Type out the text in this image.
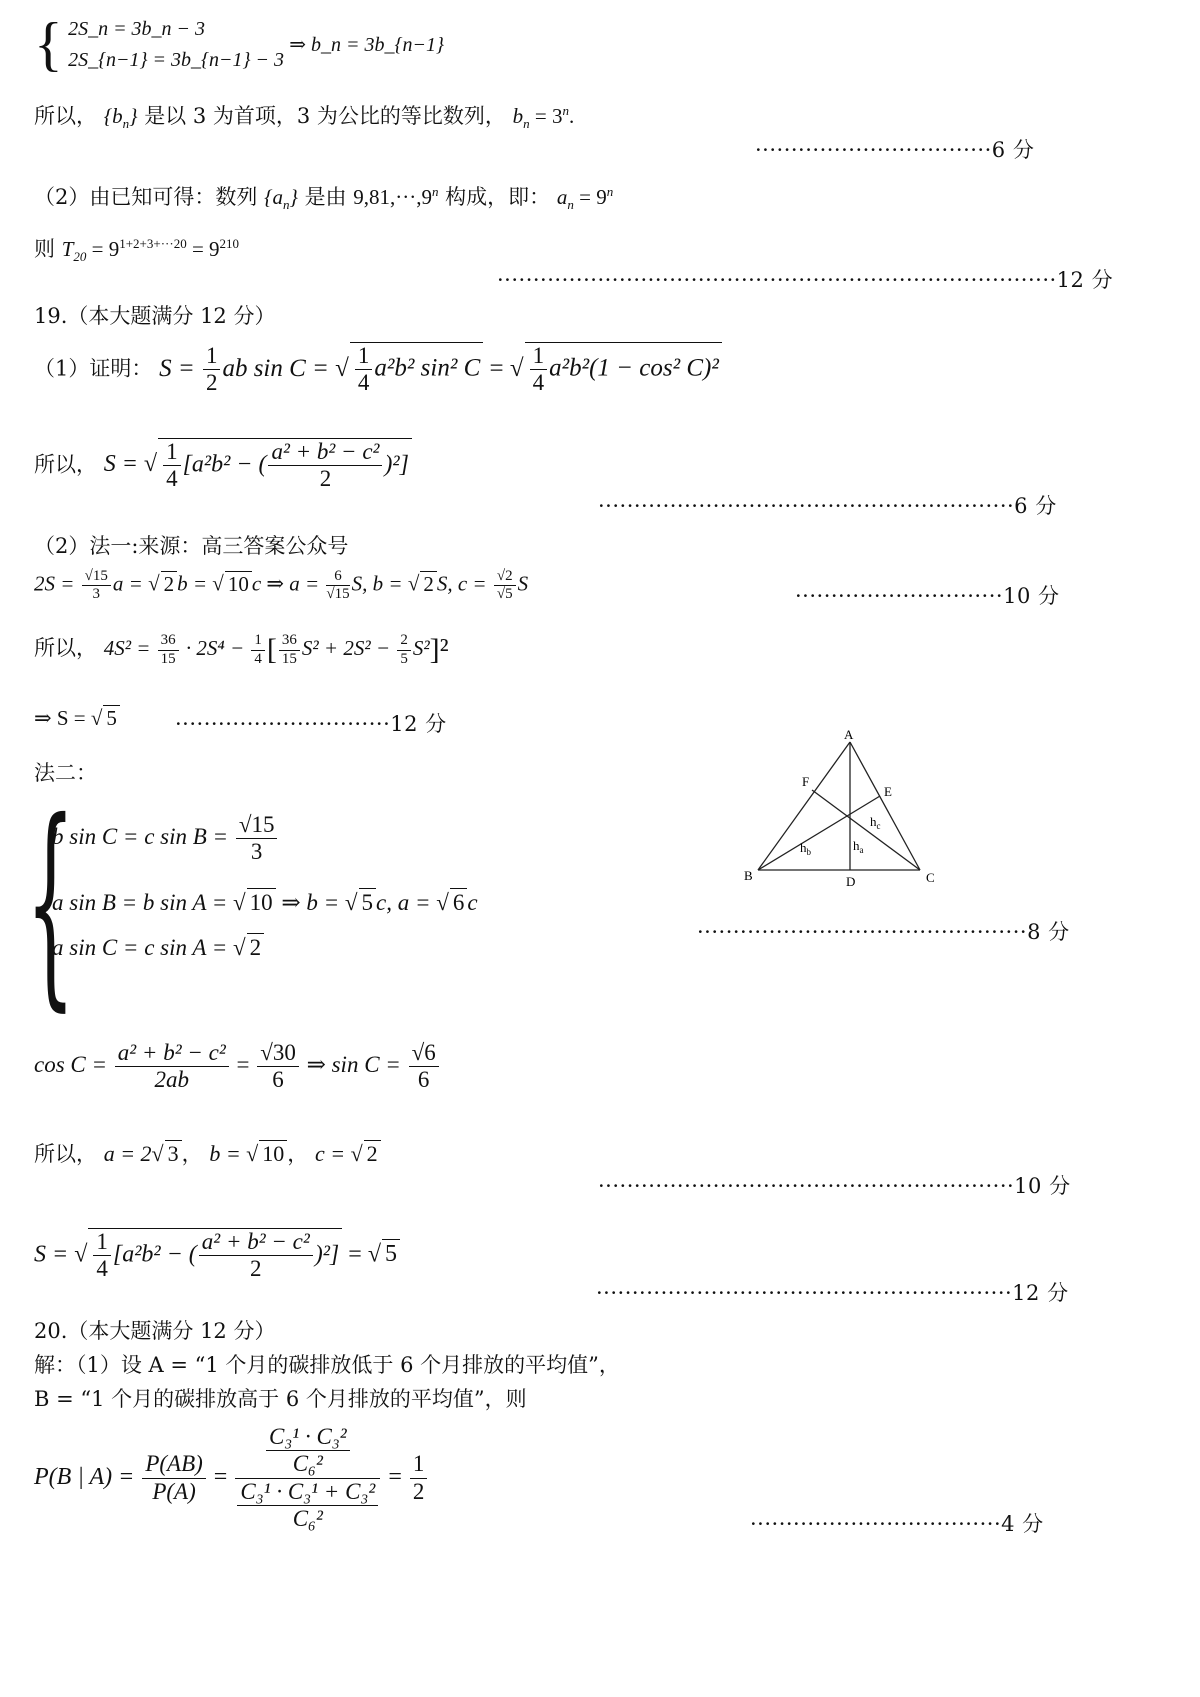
{ 2S_n = 3b_n − 3
2S_{n−1} = 3b_{n−1} − 3
⇒ b_n = 3b_{n−1}
所以， $\{b_n\}$ 是以 3 为首项，3 为公比的等比数列， $b_n = 3^n$.
·································6 分
（2）由已知可得：数列 $\{a_n\}$ 是由 $9,81,\cdot\cdot\cdot,9^n$ 构成，即： $a_n = 9^n$
则 $T_{20} = 9^{1+2+3+\cdot\cdot\cdot 20} = 9^{210}$
··············································································12 分
19.（本大题满分 12 分）
（1）证明： $S = \frac{1}{2}$ ab sin C = √ $\frac{1}{4} a^2b^2$ sin² C = √ $\frac{1}{4} a^2b^2(1 - \cos^2$ C)²
所以， S = √ $\frac{1}{4} [a^2b^2$ − ( $\frac{\text{a² + b² − c²}}{2} )^2$]
··························································6 分
（2）法一:来源：高三答案公众号
$2S = \frac{√15}{3}$ a = √ 2 b = √ 10 c ⇒ $a = \frac{6}{√15} S$, b = √ 2 S, $c = \frac{√2}{√5}$ S
·····························10 分
所以， $4S^2 = \frac{36}{15} \cdot 2S^4 - \frac{1}{4}$ [ $\frac{36}{15} S^2 + 2S^2 - \frac{2}{5} S^2]^2$
⇒ S = √ 5	······························12 分
法二：
{
b sin C = c $\sin B = \frac{√15}{3}$
a sin B = b sin A = √ 10 ⇒ b = √ 5 c, a = √ 6 c
a sin C = c sin A = √ 2
··············································8 分
$\cos C = \frac{\text{a² + b² − c²}}{2ab} = \frac{√30}{6}$ ⇒ $\sin C = \frac{√6}{6}$
所以， a = 2√ 3 ， b = √ 10 ， c = √ 2
··························································10 分
S = √ $\frac{1}{4} [a^2b^2$ − ( $\frac{\text{a² + b² − c²}}{2} )^2$] = √ 5
··························································12 分
20.（本大题满分 12 分）
解：（1）设 A = “1 个月的碳排放低于 6 个月排放的平均值”，
B = “1 个月的碳排放高于 6 个月排放的平均值”，则
P(B | $A) = \frac{P(AB)}{P(A)} = \frac{\frac{\text{C₃¹ · C₃²}}{\text{C₆²}}}{\frac{\text{C₃¹ · C₃¹ + C₃²}}{\text{C₆²}}} = \frac{1}{2}$
···································4 分
A
B	C
D
E
F
$h_b$	$h_a$
$h_c$
